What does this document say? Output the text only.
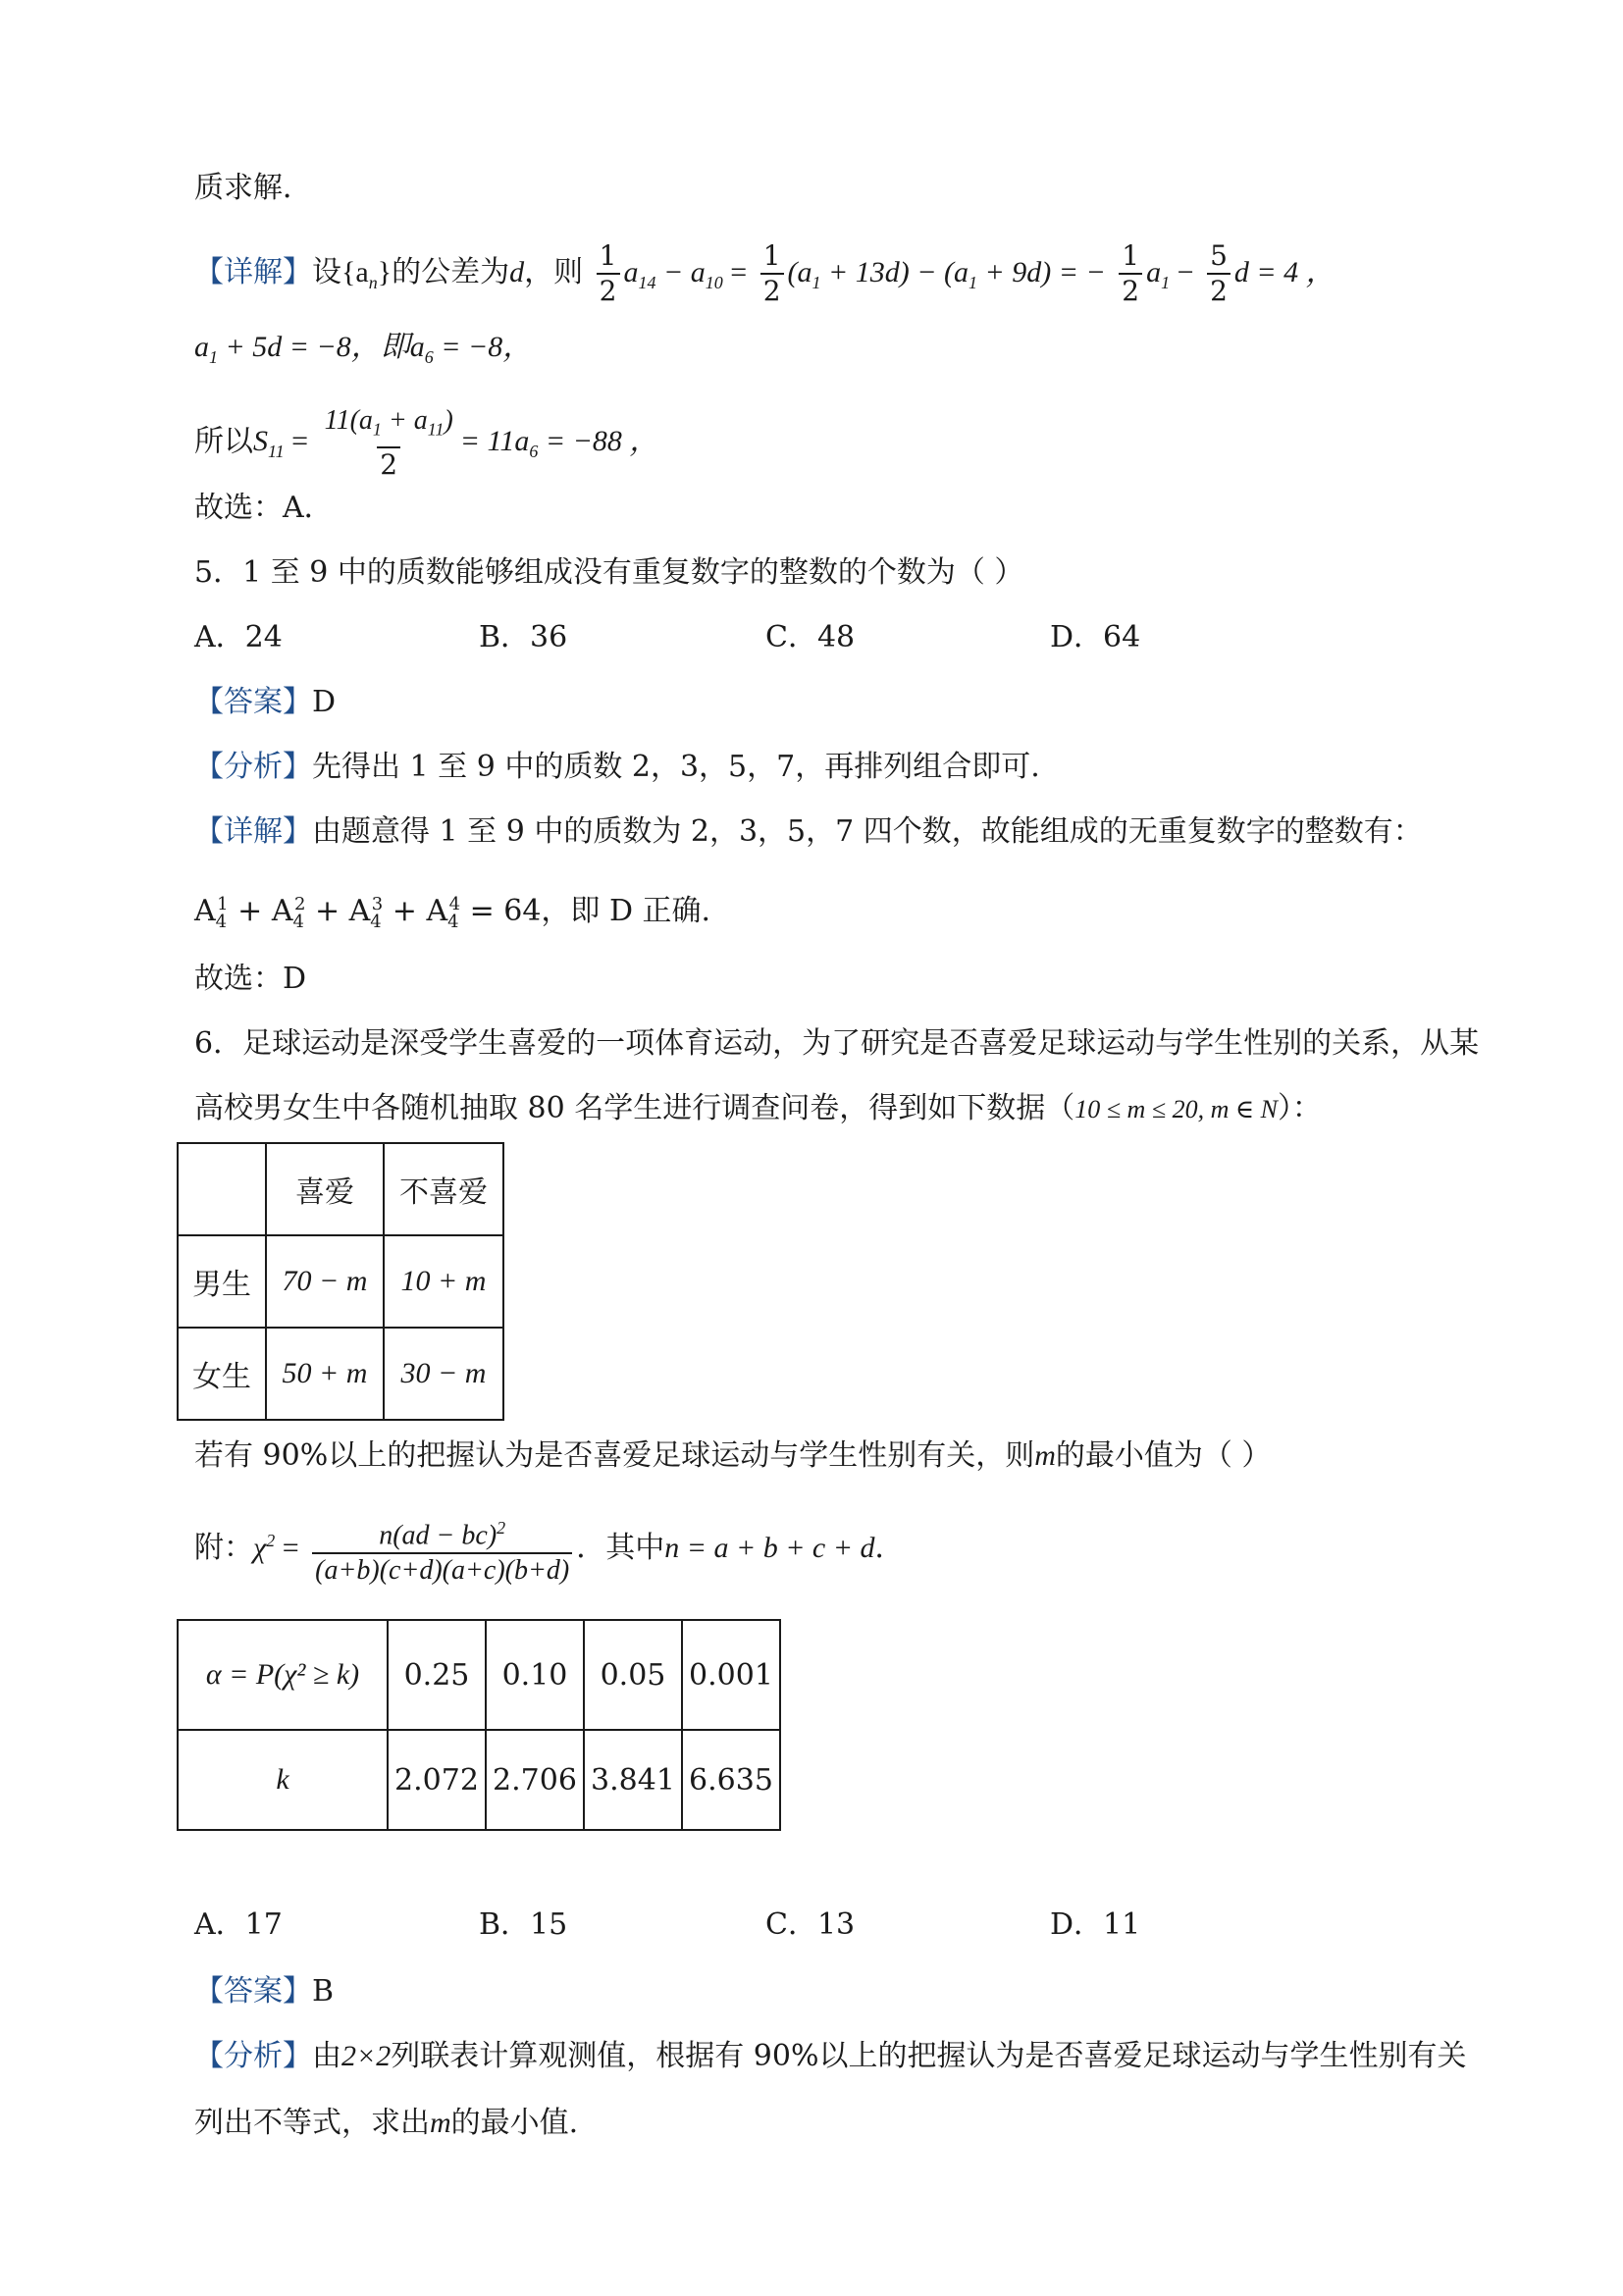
质求解．
【详解】设$\{a_n\}$的公差为d，则 $\frac{1}{2} a_{14} - a_{10} = \frac{1}{2} (a_1 + 13d) - (a_1 + 9d)$ = − $\frac{1}{2} a_1 - \frac{5}{2}$ d = 4 ，
$a_1 + 5d = -8$，即$a_6 = -8$，
所以$S_{11} = \frac{11(a_1 + a_{11})}{2} = 11a_6 = -88$ ，
故选：A．
5．1 至 9 中的质数能够组成没有重复数字的整数的个数为（ ）
A．24	B．36	C．48	D．64
【答案】D
【分析】先得出 1 至 9 中的质数 2，3，5，7，再排列组合即可.
【详解】由题意得 1 至 9 中的质数为 2，3，5，7 四个数，故能组成的无重复数字的整数有：
$A_4^1 + A_4^2 + A_4^3 + A_4^4 = 64$，即 D 正确.
故选：D
6．足球运动是深受学生喜爱的一项体育运动，为了研究是否喜爱足球运动与学生性别的关系，从某
高校男女生中各随机抽取 80 名学生进行调查问卷，得到如下数据（10 ≤ m ≤ 20, m ∈ N）：
	喜爱	不喜爱
男生	70 − m	10 + m
女生	50 + m	30 − m
若有 90%以上的把握认为是否喜爱足球运动与学生性别有关，则m的最小值为（ ）
附：$\chi^2 = \frac{n(ad - bc)^2}{(a+b)(c+d)(a+c)(b+d)}$ ．其中n = a + b + c + d．
α = P(χ² ≥ k)	0.25	0.10	0.05	0.001
k	2.072	2.706	3.841	6.635
A．17	B．15	C．13	D．11
【答案】B
【分析】由2×2列联表计算观测值，根据有 90%以上的把握认为是否喜爱足球运动与学生性别有关
列出不等式，求出m的最小值.
